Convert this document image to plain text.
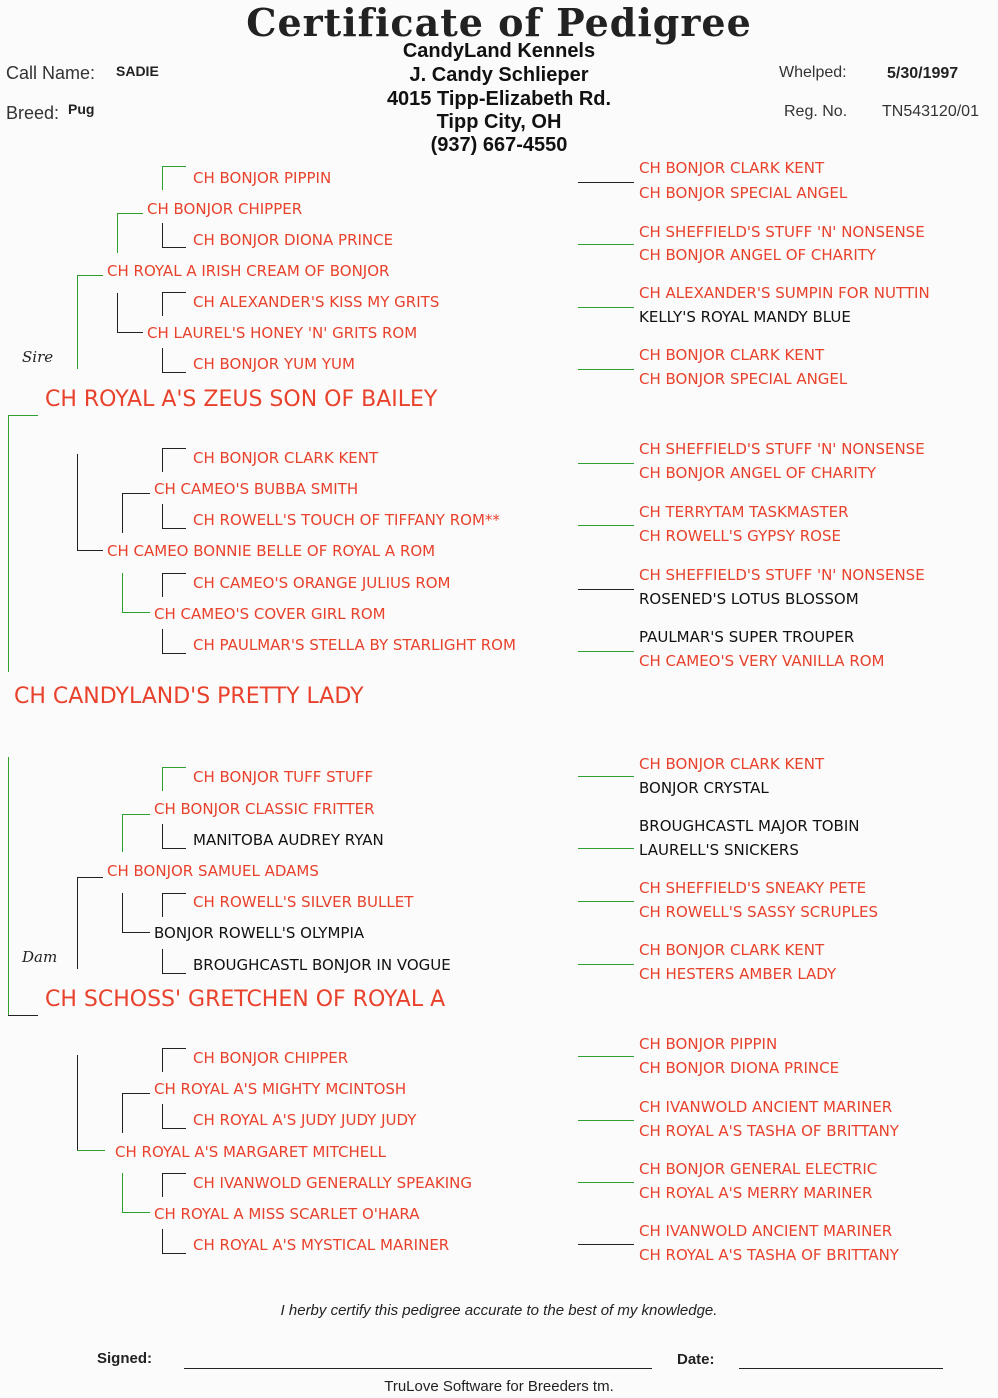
Certificate of Pedigree
CandyLand Kennels
J. Candy Schlieper
4015 Tipp-Elizabeth Rd.
Tipp City, OH
(937) 667-4550
Call Name: SADIE
Breed: Pug
Whelped:	5/30/1997
Reg. No. TN543120/01
CH BONJOR PIPPIN
CH BONJOR CHIPPER
CH BONJOR DIONA PRINCE
CH ROYAL A IRISH CREAM OF BONJOR
CH ALEXANDER'S KISS MY GRITS
CH LAUREL'S HONEY 'N' GRITS ROM
CH BONJOR YUM YUM
Sire
CH ROYAL A'S ZEUS SON OF BAILEY
CH BONJOR CLARK KENT
CH CAMEO'S BUBBA SMITH
CH ROWELL'S TOUCH OF TIFFANY ROM**
CH CAMEO BONNIE BELLE OF ROYAL A ROM
CH CAMEO'S ORANGE JULIUS ROM
CH CAMEO'S COVER GIRL ROM
CH PAULMAR'S STELLA BY STARLIGHT ROM
CH CANDYLAND'S PRETTY LADY
CH BONJOR TUFF STUFF
CH BONJOR CLASSIC FRITTER
MANITOBA AUDREY RYAN
CH BONJOR SAMUEL ADAMS
CH ROWELL'S SILVER BULLET
BONJOR ROWELL'S OLYMPIA
BROUGHCASTL BONJOR IN VOGUE
Dam
CH SCHOSS' GRETCHEN OF ROYAL A
CH BONJOR CHIPPER
CH ROYAL A'S MIGHTY MCINTOSH
CH ROYAL A'S JUDY JUDY JUDY
CH ROYAL A'S MARGARET MITCHELL
CH IVANWOLD GENERALLY SPEAKING
CH ROYAL A MISS SCARLET O'HARA
CH ROYAL A'S MYSTICAL MARINER
CH BONJOR CLARK KENT
CH BONJOR SPECIAL ANGEL
CH SHEFFIELD'S STUFF 'N' NONSENSE
CH BONJOR ANGEL OF CHARITY
CH ALEXANDER'S SUMPIN FOR NUTTIN
KELLY'S ROYAL MANDY BLUE
CH BONJOR CLARK KENT
CH BONJOR SPECIAL ANGEL
CH SHEFFIELD'S STUFF 'N' NONSENSE
CH BONJOR ANGEL OF CHARITY
CH TERRYTAM TASKMASTER
CH ROWELL'S GYPSY ROSE
CH SHEFFIELD'S STUFF 'N' NONSENSE
ROSENED'S LOTUS BLOSSOM
PAULMAR'S SUPER TROUPER
CH CAMEO'S VERY VANILLA ROM
CH BONJOR CLARK KENT
BONJOR CRYSTAL
BROUGHCASTL MAJOR TOBIN
LAURELL'S SNICKERS
CH SHEFFIELD'S SNEAKY PETE
CH ROWELL'S SASSY SCRUPLES
CH BONJOR CLARK KENT
CH HESTERS AMBER LADY
CH BONJOR PIPPIN
CH BONJOR DIONA PRINCE
CH IVANWOLD ANCIENT MARINER
CH ROYAL A'S TASHA OF BRITTANY
CH BONJOR GENERAL ELECTRIC
CH ROYAL A'S MERRY MARINER
CH IVANWOLD ANCIENT MARINER
CH ROYAL A'S TASHA OF BRITTANY
I herby certify this pedigree accurate to the best of my knowledge.
Signed:	Date:
TruLove Software for Breeders tm.
